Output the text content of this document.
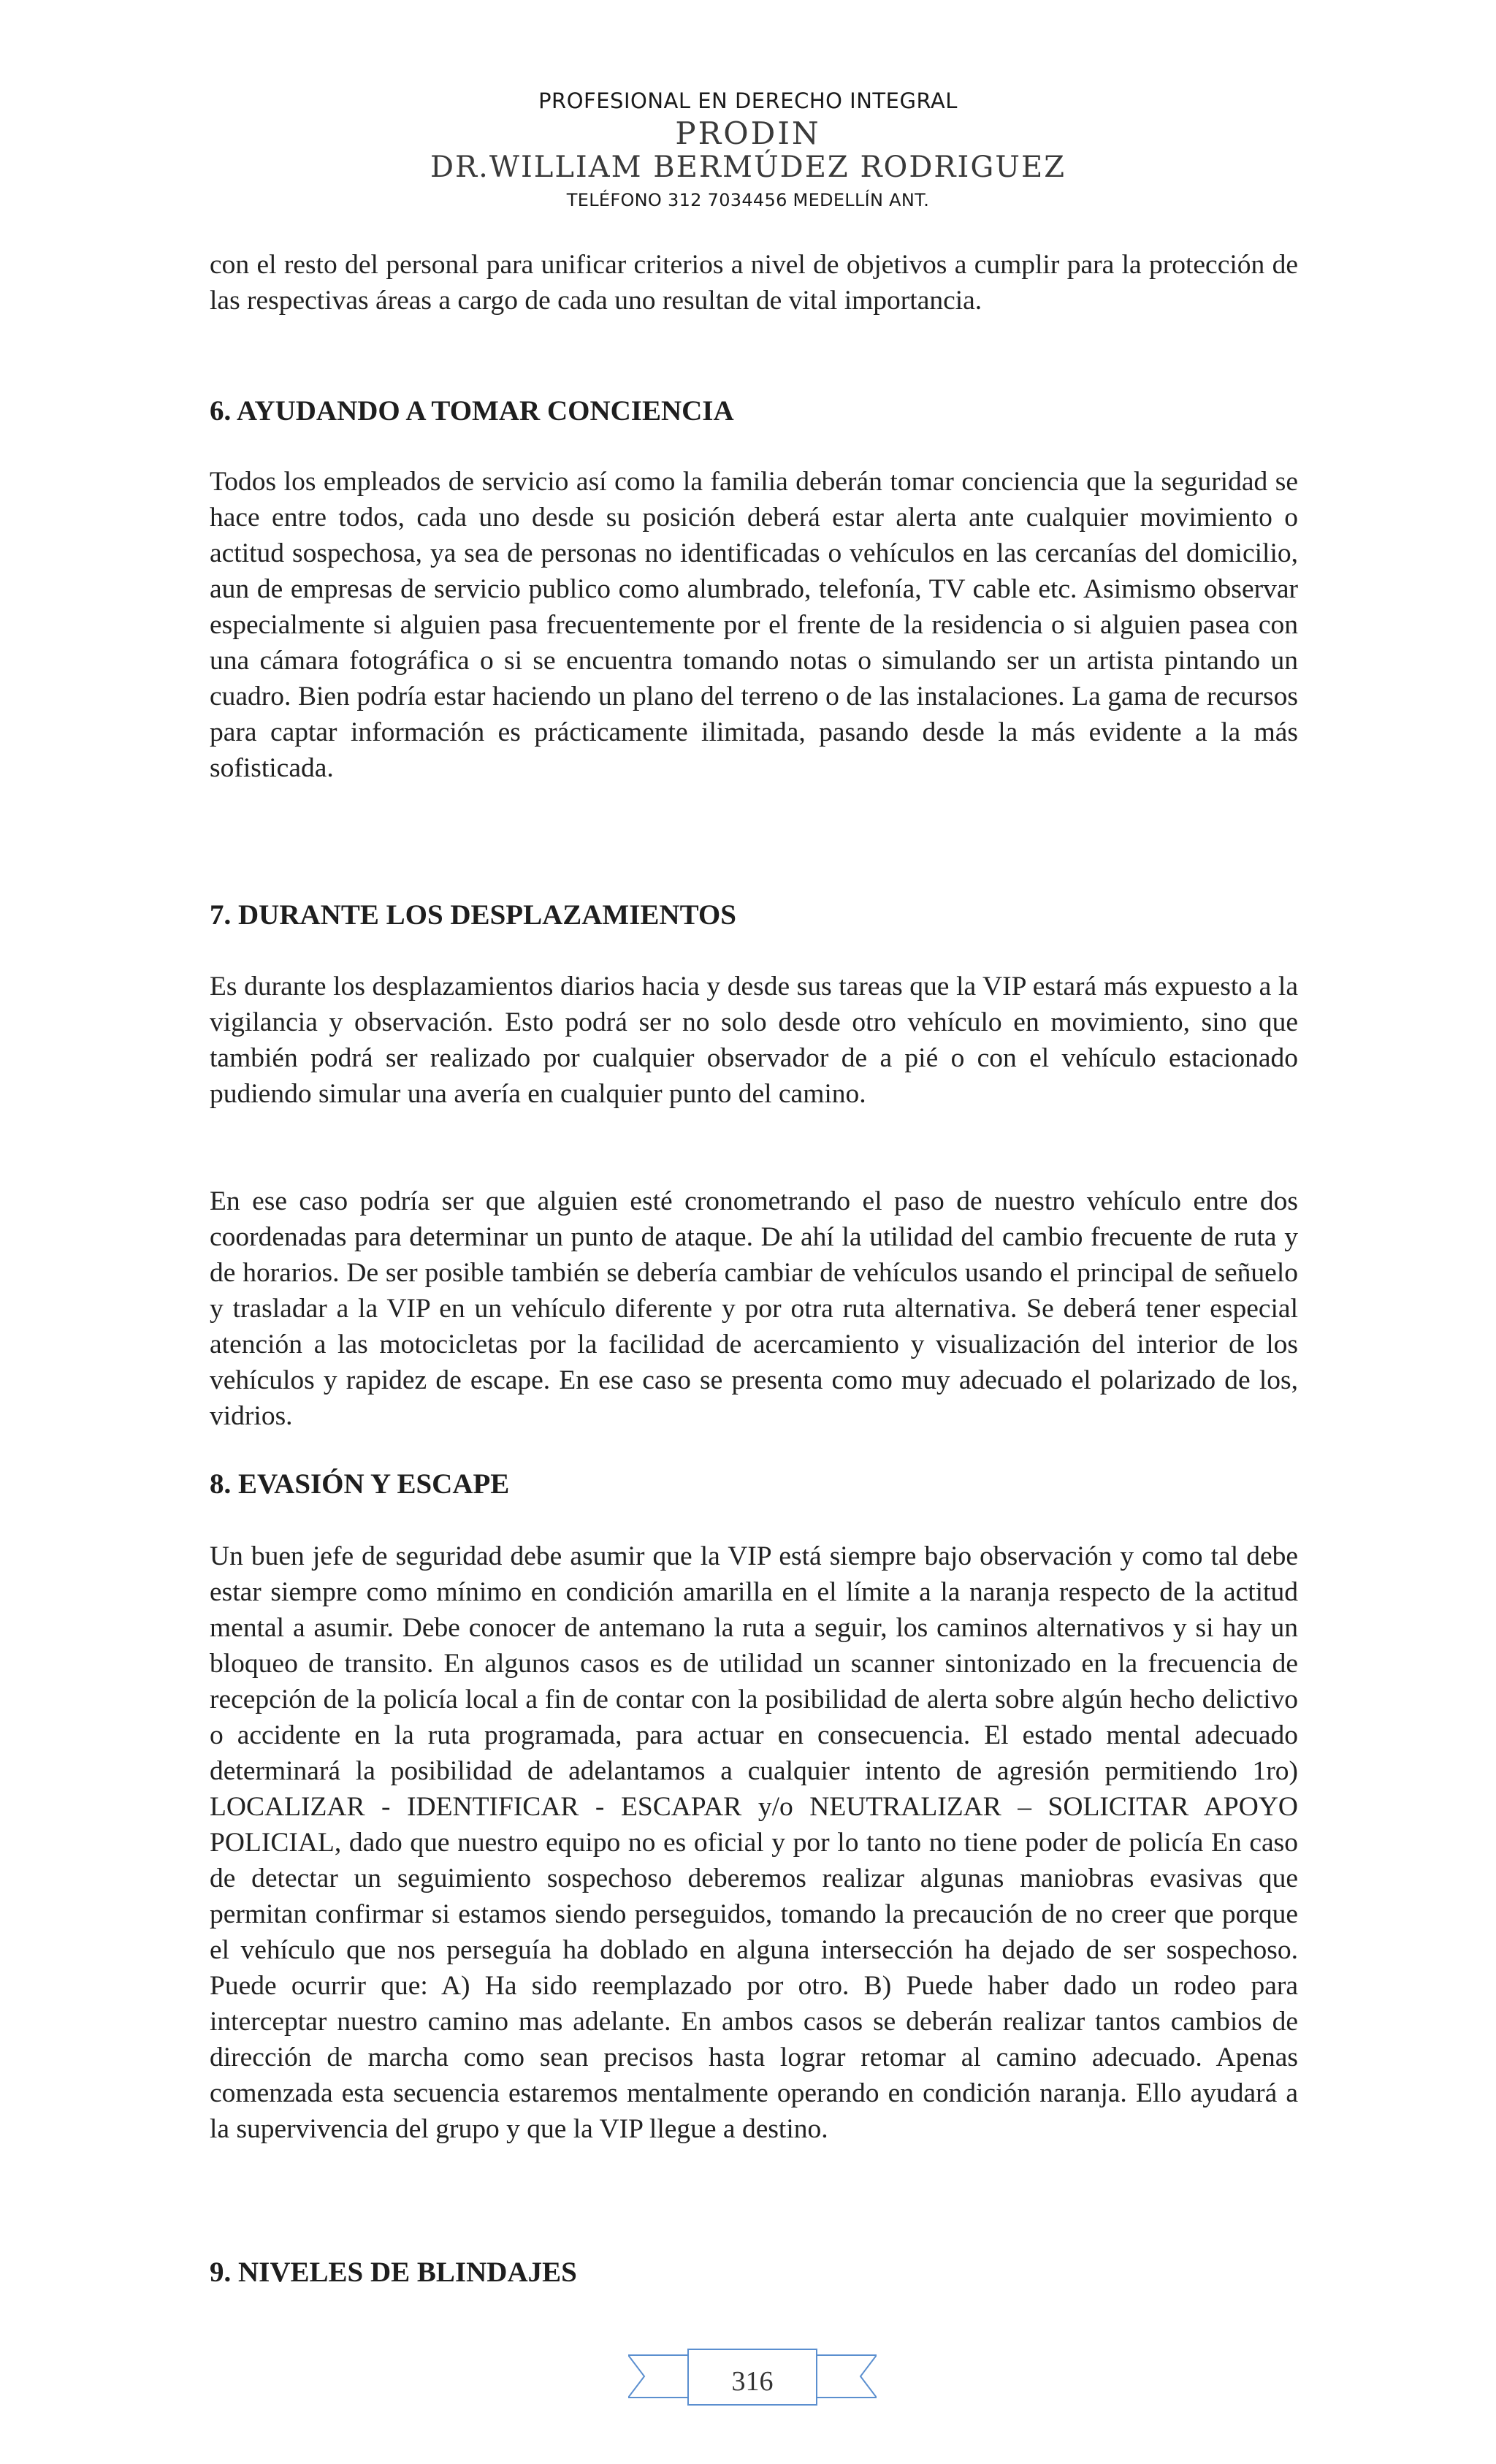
PROFESIONAL EN DERECHO INTEGRAL
PRODIN
DR.WILLIAM BERMÚDEZ RODRIGUEZ
TELÉFONO 312 7034456 MEDELLÍN ANT.

con el resto del personal para unificar criterios a nivel de objetivos a cumplir para la protección de las respectivas áreas a cargo de cada uno resultan de vital importancia.

6. AYUDANDO A TOMAR CONCIENCIA

Todos los empleados de servicio así como la familia deberán tomar conciencia que la seguridad se hace entre todos, cada uno desde su posición deberá estar alerta ante cualquier movimiento o actitud sospechosa, ya sea de personas no identificadas o vehículos en las cercanías del domicilio, aun de empresas de servicio publico como alumbrado, telefonía, TV cable etc. Asimismo observar especialmente si alguien pasa frecuentemente por el frente de la residencia o si alguien pasea con una cámara fotográfica o si se encuentra tomando notas o simulando ser un artista pintando un cuadro. Bien podría estar haciendo un plano del terreno o de las instalaciones. La gama de recursos para captar información es prácticamente ilimitada, pasando desde la más evidente a la más sofisticada.

7. DURANTE LOS DESPLAZAMIENTOS

Es durante los desplazamientos diarios hacia y desde sus tareas que la VIP estará más expuesto a la vigilancia y observación. Esto podrá ser no solo desde otro vehículo en movimiento, sino que también podrá ser realizado por cualquier observador de a pié o con el vehículo estacionado pudiendo simular una avería en cualquier punto del camino.

En ese caso podría ser que alguien esté cronometrando el paso de nuestro vehículo entre dos coordenadas para determinar un punto de ataque. De ahí la utilidad del cambio frecuente de ruta y de horarios. De ser posible también se debería cambiar de vehículos usando el principal de señuelo y trasladar a la VIP en un vehículo diferente y por otra ruta alternativa. Se deberá tener especial atención a las motocicletas por la facilidad de acercamiento y visualización del interior de los vehículos y rapidez de escape. En ese caso se presenta como muy adecuado el polarizado de los, vidrios.

8. EVASIÓN Y ESCAPE

Un buen jefe de seguridad debe asumir que la VIP está siempre bajo observación y como tal debe estar siempre como mínimo en condición amarilla en el límite a la naranja respecto de la actitud mental a asumir. Debe conocer de antemano la ruta a seguir, los caminos alternativos y si hay un bloqueo de transito. En algunos casos es de utilidad un scanner sintonizado en la frecuencia de recepción de la policía local a fin de contar con la posibilidad de alerta sobre algún hecho delictivo o accidente en la ruta programada, para actuar en consecuencia. El estado mental adecuado determinará la posibilidad de adelantamos a cualquier intento de agresión permitiendo 1ro) LOCALIZAR - IDENTIFICAR - ESCAPAR y/o NEUTRALIZAR – SOLICITAR APOYO POLICIAL, dado que nuestro equipo no es oficial y por lo tanto no tiene poder de policía En caso de detectar un seguimiento sospechoso deberemos realizar algunas maniobras evasivas que permitan confirmar si estamos siendo perseguidos, tomando la precaución de no creer que porque el vehículo que nos perseguía ha doblado en alguna intersección ha dejado de ser sospechoso. Puede ocurrir que: A) Ha sido reemplazado por otro. B) Puede haber dado un rodeo para interceptar nuestro camino mas adelante. En ambos casos se deberán realizar tantos cambios de dirección de marcha como sean precisos hasta lograr retomar al camino adecuado. Apenas comenzada esta secuencia estaremos mentalmente operando en condición naranja. Ello ayudará a la supervivencia del grupo y que la VIP llegue a destino.

9. NIVELES DE BLINDAJES
316
